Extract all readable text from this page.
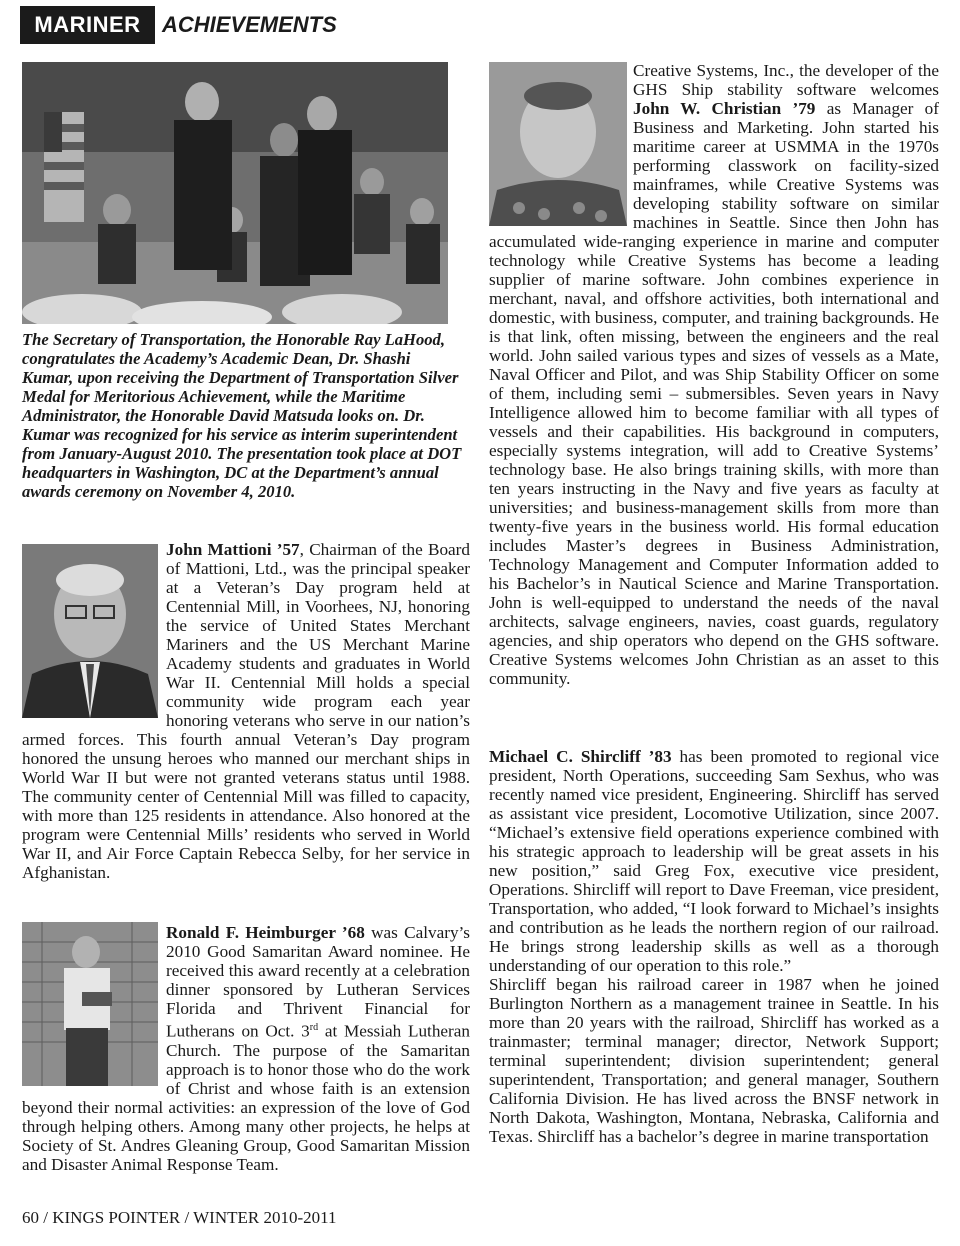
MARINER ACHIEVEMENTS

The Secretary of Transportation, the Honorable Ray LaHood, congratulates the Academy’s Academic Dean, Dr. Shashi Kumar, upon receiving the Department of Transportation Silver Medal for Meritorious Achievement, while the Maritime Administrator, the Honorable David Matsuda looks on. Dr. Kumar was recognized for his service as interim superintendent from January-August 2010. The presentation took place at DOT headquarters in Washington, DC at the Department’s annual awards ceremony on November 4, 2010.

John Mattioni ’57, Chairman of the Board of Mattioni, Ltd., was the principal speaker at a Veteran’s Day program held at Centennial Mill, in Voorhees, NJ, honoring the service of United States Merchant Mariners and the US Merchant Marine Academy students and graduates in World War II. Centennial Mill holds a special community wide program each year honoring veterans who serve in our nation’s armed forces. This fourth annual Veteran’s Day program honored the unsung heroes who manned our merchant ships in World War II but were not granted veterans status until 1988. The community center of Centennial Mill was filled to capacity, with more than 125 residents in attendance. Also honored at the program were Centennial Mills’ residents who served in World War II, and Air Force Captain Rebecca Selby, for her service in Afghanistan.

Ronald F. Heimburger ’68 was Calvary’s 2010 Good Samaritan Award nominee. He received this award recently at a celebration dinner sponsored by Lutheran Services Florida and Thrivent Financial for Lutherans on Oct. 3rd at Messiah Lutheran Church. The purpose of the Samaritan approach is to honor those who do the work of Christ and whose faith is an extension beyond their normal activities: an expression of the love of God through helping others. Among many other projects, he helps at Society of St. Andres Gleaning Group, Good Samaritan Mission and Disaster Animal Response Team.

Creative Systems, Inc., the developer of the GHS Ship stability software welcomes John W. Christian ’79 as Manager of Business and Marketing. John started his maritime career at USMMA in the 1970s performing classwork on facility-sized mainframes, while Creative Systems was developing stability software on similar machines in Seattle. Since then John has accumulated wide-ranging experience in marine and computer technology while Creative Systems has become a leading supplier of marine software. John combines experience in merchant, naval, and offshore activities, both international and domestic, with business, computer, and training backgrounds. He is that link, often missing, between the engineers and the real world. John sailed various types and sizes of vessels as a Mate, Naval Officer and Pilot, and was Ship Stability Officer on some of them, including semi – submersibles. Seven years in Navy Intelligence allowed him to become familiar with all types of vessels and their capabilities. His background in computers, especially systems integration, will add to Creative Systems’ technology base. He also brings training skills, with more than ten years instructing in the Navy and five years as faculty at universities; and business-management skills from more than twenty-five years in the business world. His formal education includes Master’s degrees in Business Administration, Technology Management and Computer Information added to his Bachelor’s in Nautical Science and Marine Transportation. John is well-equipped to understand the needs of the naval architects, salvage engineers, navies, coast guards, regulatory agencies, and ship operators who depend on the GHS software. Creative Systems welcomes John Christian as an asset to this community.

Michael C. Shircliff ’83 has been promoted to regional vice president, North Operations, succeeding Sam Sexhus, who was recently named vice president, Engineering. Shircliff has served as assistant vice president, Locomotive Utilization, since 2007. “Michael’s extensive field operations experience combined with his strategic approach to leadership will be great assets in his new position,” said Greg Fox, executive vice president, Operations. Shircliff will report to Dave Freeman, vice president, Transportation, who added, “I look forward to Michael’s insights and contribution as he leads the northern region of our railroad. He brings strong leadership skills as well as a thorough understanding of our operation to this role.”

Shircliff began his railroad career in 1987 when he joined Burlington Northern as a management trainee in Seattle. In his more than 20 years with the railroad, Shircliff has worked as a trainmaster; terminal manager; director, Network Support; terminal superintendent; division superintendent; general superintendent, Transportation; and general manager, Southern California Division. He has lived across the BNSF network in North Dakota, Washington, Montana, Nebraska, California and Texas. Shircliff has a bachelor’s degree in marine transportation

60 / KINGS POINTER / WINTER 2010-2011
